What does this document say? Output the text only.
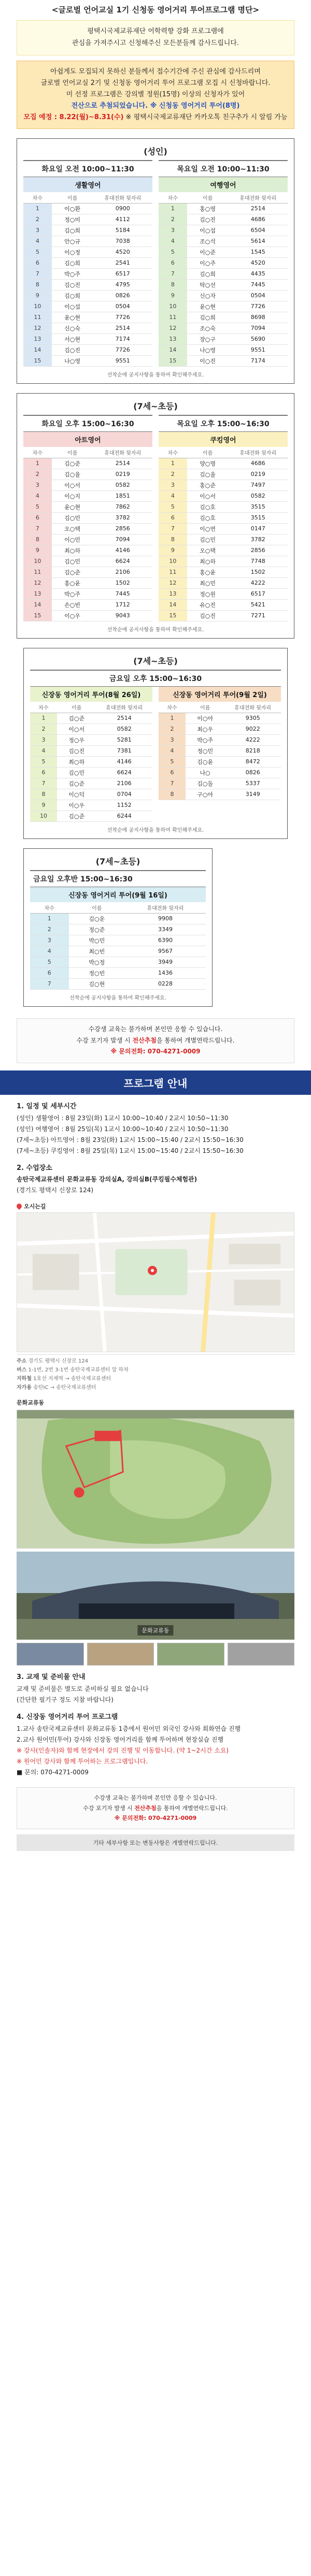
<글로벌 언어교실 1기 신청동 영어거리 투어프로그램 명단>
평택시국제교류재단 어학력향 강화 프로그램에
관심을 가져주시고 신청해주신 모든분들께 감사드립니다.
아쉽게도 모집되지 못하신 분들께서 접수기간에 주신 관심에 감사드리며
글로벌 언어교실 2기 및 신청동 영어거리 투어 프로그램 모집 시 신청바랍니다.
미 선정 프로그램은 강의별 정원(15명) 이상의 신청자가 있어
전산으로 추첨되었습니다. ※ 신청동 영어거리 투어(8명)
모집 예정 : 8.22(월)~8.31(수) ※ 평택시국제교류재단 카카오톡 친구추가 시 알림 가능
(성인)
화요일 오전 10:00~11:30
생활영어
차수	이름	휴대전화 뒷자리
1	이○환	0900
2	정○미	4112
3	김○희	5184
4	안○규	7038
5	이○정	4520
6	김○희	2541
7	박○주	6517
8	김○진	4795
9	김○희	0826
10	이○섭	0504
11	윤○현	7726
12	신○숙	2514
13	서○현	7174
14	김○진	7726
15	나○영	9551
목요일 오전 10:00~11:30
여행영어
차수	이름	휴대전화 뒷자리
1	홍○영	2514
2	김○진	4686
3	이○섭	6504
4	조○석	5614
5	이○준	1545
6	이○주	4520
7	김○희	4435
8	탁○선	7445
9	신○자	0504
10	윤○현	7726
11	김○희	8698
12	조○숙	7094
13	장○구	5690
14	나○영	9551
15	이○진	7174
선착순에 공지사항을 통하여 확인해주세요.
(7세~초등)
화요일 오후 15:00~16:30
아트영어
차수	이름	휴대전화 뒷자리
1	김○준	2514
2	김○율	0219
3	이○서	0582
4	이○지	1851
5	윤○현	7862
6	김○민	3782
7	오○택	2856
8	이○민	7094
9	최○하	4146
10	김○민	6624
11	김○준	2106
12	홍○윤	1502
13	박○주	7445
14	손○빈	1712
15	이○우	9043
목요일 오후 15:00~16:30
쿠킹영어
차수	이름	휴대전화 뒷자리
1	양○명	4686
2	김○율	0219
3	홍○준	7497
4	이○서	0582
5	김○호	3515
6	김○호	3515
7	이○연	0147
8	김○민	3782
9	오○택	2856
10	최○하	7748
11	홍○윤	1502
12	최○민	4222
13	정○원	6517
14	유○진	5421
15	김○진	7271
선착순에 공지사항을 통하여 확인해주세요.
(7세~초등)
금요일 오후 15:00~16:30
신장동 영어거리 투어(8월 26일)
차수	이름	휴대전화 뒷자리
1	김○준	2514
2	이○서	0582
3	정○우	5281
4	김○진	7381
5	최○하	4146
6	김○민	6624
7	김○준	2106
8	이○덕	0704
9	이○우	1152
10	김○준	6244
신장동 영어거리 투어(9월 2일)
차수	이름	휴대전화 뒷자리
1	이○아	9305
2	최○우	9022
3	박○주	4222
4	정○민	8218
5	김○윤	8472
6	나○	0826
7	김○돌	5337
8	구○아	3149
선착순에 공지사항을 통하여 확인해주세요.
(7세~초등)
금요일 오후반 15:00~16:30
신장동 영어거리 투어(9월 16일)
차수	이름	휴대전화 뒷자리
1	김○운	9908
2	정○준	3349
3	박○민	6390
4	최○빈	9567
5	박○정	3949
6	정○빈	1436
7	김○현	0228
선착순에 공지사항을 통하여 확인해주세요.
수강생 교육는 불가하며 본인만 응할 수 있습니다.
수강 포기자 발생 시 전산추첨을 통하여 개별연락드립니다.
※ 문의전화: 070-4271-0009
프로그램 안내
1. 일정 및 세부시간
(성인) 생활영어 : 8월 23일(화) 1교시 10:00~10:40 / 2교시 10:50~11:30
(성인) 여행영어 : 8월 25일(목) 1교시 10:00~10:40 / 2교시 10:50~11:30
(7세~초등) 아트영어 : 8월 23일(화) 1교시 15:00~15:40 / 2교시 15:50~16:30
(7세~초등) 쿠킹영어 : 8월 25일(목) 1교시 15:00~15:40 / 2교시 15:50~16:30
2. 수업장소
송탄국제교류센터 문화교류동 강의실A, 강의실B(쿠킹필수체험관)
(경기도 평택시 신장로 124)
오시는길
주소 경기도 평택시 신장로 124
버스 1-1번, 2번 3-1번 송탄국제교류센터 앞 하차
지하철 1호선 지제역 → 송탄국제교류센터
자가용 송탄IC → 송탄국제교류센터
문화교류동
문화교류동
3. 교재 및 준비물 안내
교재 및 준비물은 별도로 준비하실 필요 없습니다
(간단한 필기구 정도 지참 바랍니다)
4. 신장동 영어거리 투어 프로그램
1.교사 송탄국제교류센터 문화교류동 1층에서 원어민 외국인 강사와 회화연습 진행
2.교사 원어민(투어) 강사와 신장동 영어거리를 함께 투어하며 현장실습 진행
※ 강사(인솔자)와 함께 현장에서 강의 진행 및 이동합니다. (약 1~2시간 소요)
※ 원어민 강사와 함께 투어하는 프로그램입니다.
■ 문의: 070-4271-0009
수강생 교육는 불가하며 본인만 응할 수 있습니다.
수강 포기자 발생 시 전산추첨을 통하여 개별연락드립니다.
※ 문의전화: 070-4271-0009
기타 세부사항 또는 변동사항은 개별연락드립니다.
